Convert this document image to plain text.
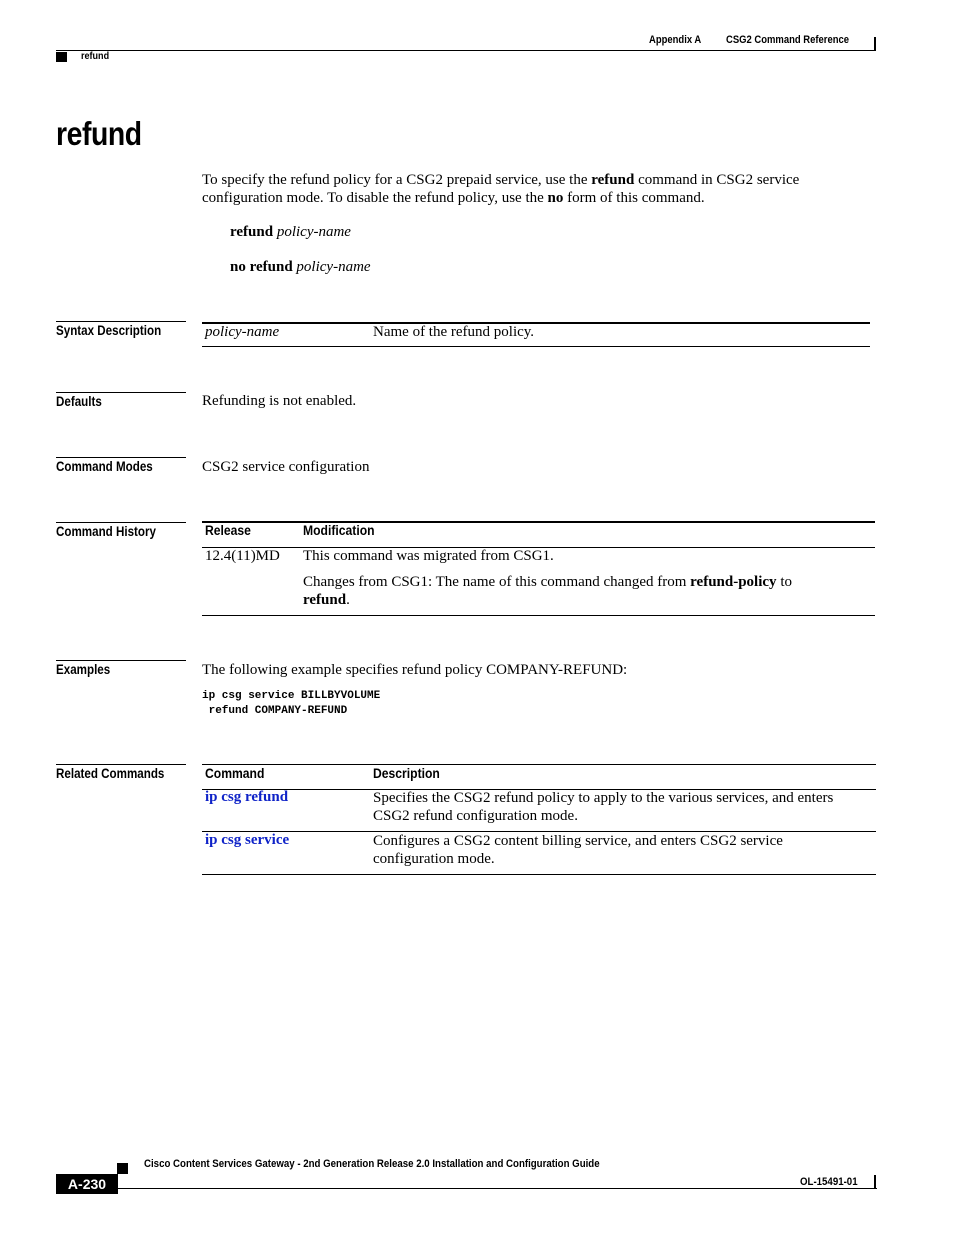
Appendix A CSG2 Command Reference
refund
refund
To specify the refund policy for a CSG2 prepaid service, use the refund command in CSG2 service
configuration mode. To disable the refund policy, use the no form of this command.
refund policy-name
no refund policy-name
Syntax Description	policy-name	Name of the refund policy.
Defaults	Refunding is not enabled.
Command Modes	CSG2 service configuration
Command History	Release	Modification
12.4(11)MD This command was migrated from CSG1.
Changes from CSG1: The name of this command changed from refund-policy to
refund.
Examples	The following example specifies refund policy COMPANY-REFUND:
ip csg service BILLBYVOLUME
refund COMPANY-REFUND
Related Commands	Command	Description
ip csg refund	Specifies the CSG2 refund policy to apply to the various services, and enters
CSG2 refund configuration mode.
ip csg service	Configures a CSG2 content billing service, and enters CSG2 service
configuration mode.
Cisco Content Services Gateway - 2nd Generation Release 2.0 Installation and Configuration Guide
A-230	OL-15491-01
